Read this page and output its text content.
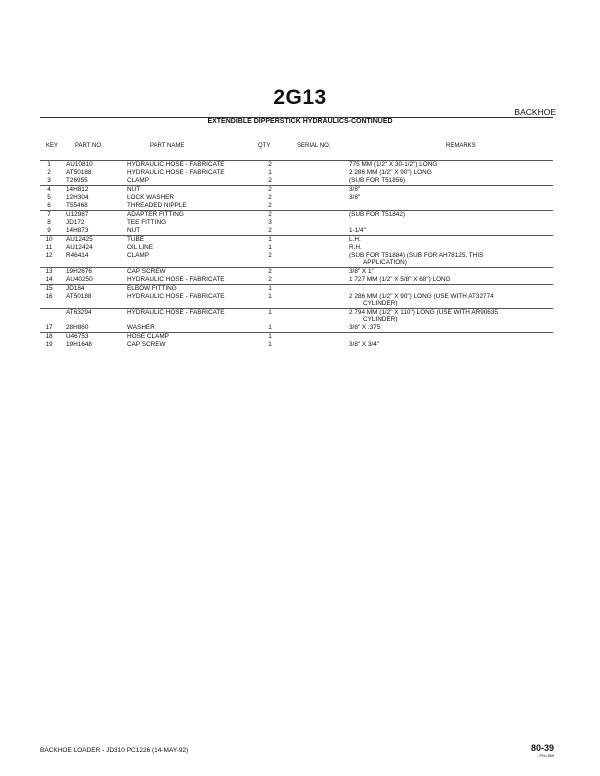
2G13
BACKHOE
EXTENDIBLE DIPPERSTICK HYDRAULICS-CONTINUED
KEY	PART NO.	PART NAME	QTY	SERIAL NO.	REMARKS
1	AU10810	HYDRAULIC HOSE - FABRICATE	2	775 MM (1/2" X 30-1/2") LONG
2	AT50188	HYDRAULIC HOSE - FABRICATE	1	2 286 MM (1/2" X 90") LONG
3	T26955	CLAMP	2	(SUB FOR T51856)
4	14H812	NUT	2	3/8"
5	12H304	LOCK WASHER	2	3/8"
6	T55468	THREADED NIPPLE	2
7	U12987	ADAPTER FITTING	2	(SUB FOR T51842)
8	JD172	TEE FITTING	3
9	14H873	NUT	2	1-1/4"
10	AU12425	TUBE	1	L.H.
11	AU12424	OIL LINE	1	R.H.
12	R46414	CLAMP	2	(SUB FOR T51884) (SUB FOR AH78125, THIS
APPLICATION)
13	19H2676	CAP SCREW	2	3/8" X 1"
14	AU40250	HYDRAULIC HOSE - FABRICATE	2	1 727 MM (1/2" X 5/8" X 68") LONG
15	JD184	ELBOW FITTING	1
16	AT50188	HYDRAULIC HOSE - FABRICATE	1	2 286 MM (1/2" X 90") LONG (USE WITH AT32774
CYLINDER)
AT63294	HYDRAULIC HOSE - FABRICATE	1	2 794 MM (1/2" X 110") LONG (USE WITH AR90635
CYLINDER)
17	28H860	WASHER	1	3/8" X .375
18	U46753	HOSE CLAMP	1
19	19H1648	CAP SCREW	1	3/8" X 3/4"
BACKHOE LOADER - JD310 PC1226 (14-MAY-92)	80-39
PN=389
